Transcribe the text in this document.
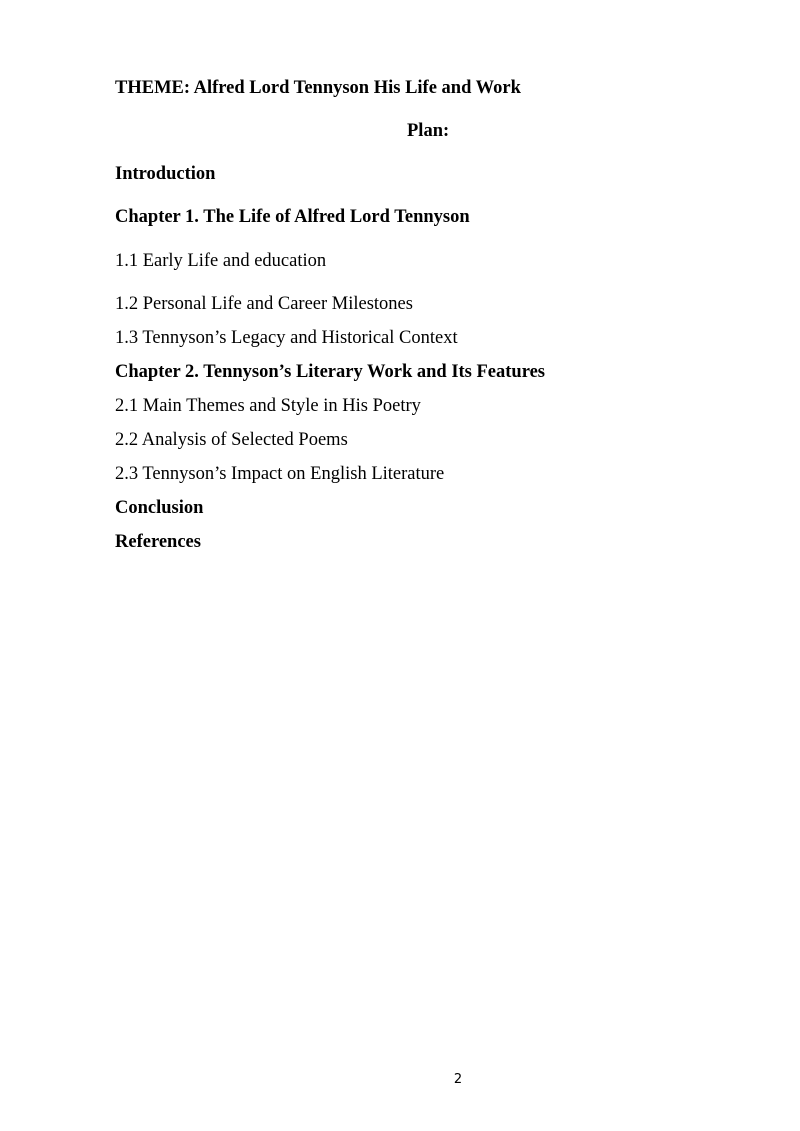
THEME: Alfred Lord Tennyson His Life and Work
Plan:
Introduction
Chapter 1. The Life of Alfred Lord Tennyson
1.1 Early Life and education
1.2 Personal Life and Career Milestones
1.3 Tennyson’s Legacy and Historical Context
Chapter 2. Tennyson’s Literary Work and Its Features
2.1 Main Themes and Style in His Poetry
2.2 Analysis of Selected Poems
2.3 Tennyson’s Impact on English Literature
Conclusion
References
2
